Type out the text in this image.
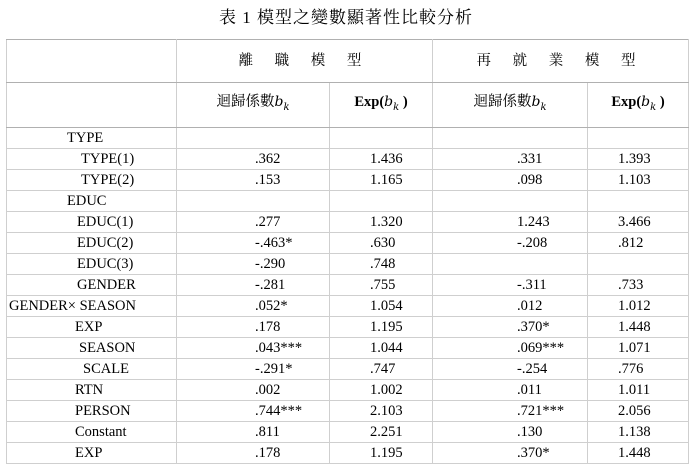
表 1 模型之變數顯著性比較分析
	離 職 模 型		再 就 業 模 型	
	迴歸係數$b_k$	$Exp(b_k$ )	迴歸係數$b_k$	$Exp(b_k$ )
TYPE				
TYPE(1)	.362	1.436	.331	1.393
TYPE(2)	.153	1.165	.098	1.103
EDUC				
EDUC(1)	.277	1.320	1.243	3.466
EDUC(2)	-.463*	.630	-.208	.812
EDUC(3)	-.290	.748		
GENDER	-.281	.755	-.311	.733
GENDER× SEASON	.052*	1.054	.012	1.012
EXP	.178	1.195	.370*	1.448
SEASON	.043***	1.044	.069***	1.071
SCALE	-.291*	.747	-.254	.776
RTN	.002	1.002	.011	1.011
PERSON	.744***	2.103	.721***	2.056
Constant	.811	2.251	.130	1.138
EXP	.178	1.195	.370*	1.448
